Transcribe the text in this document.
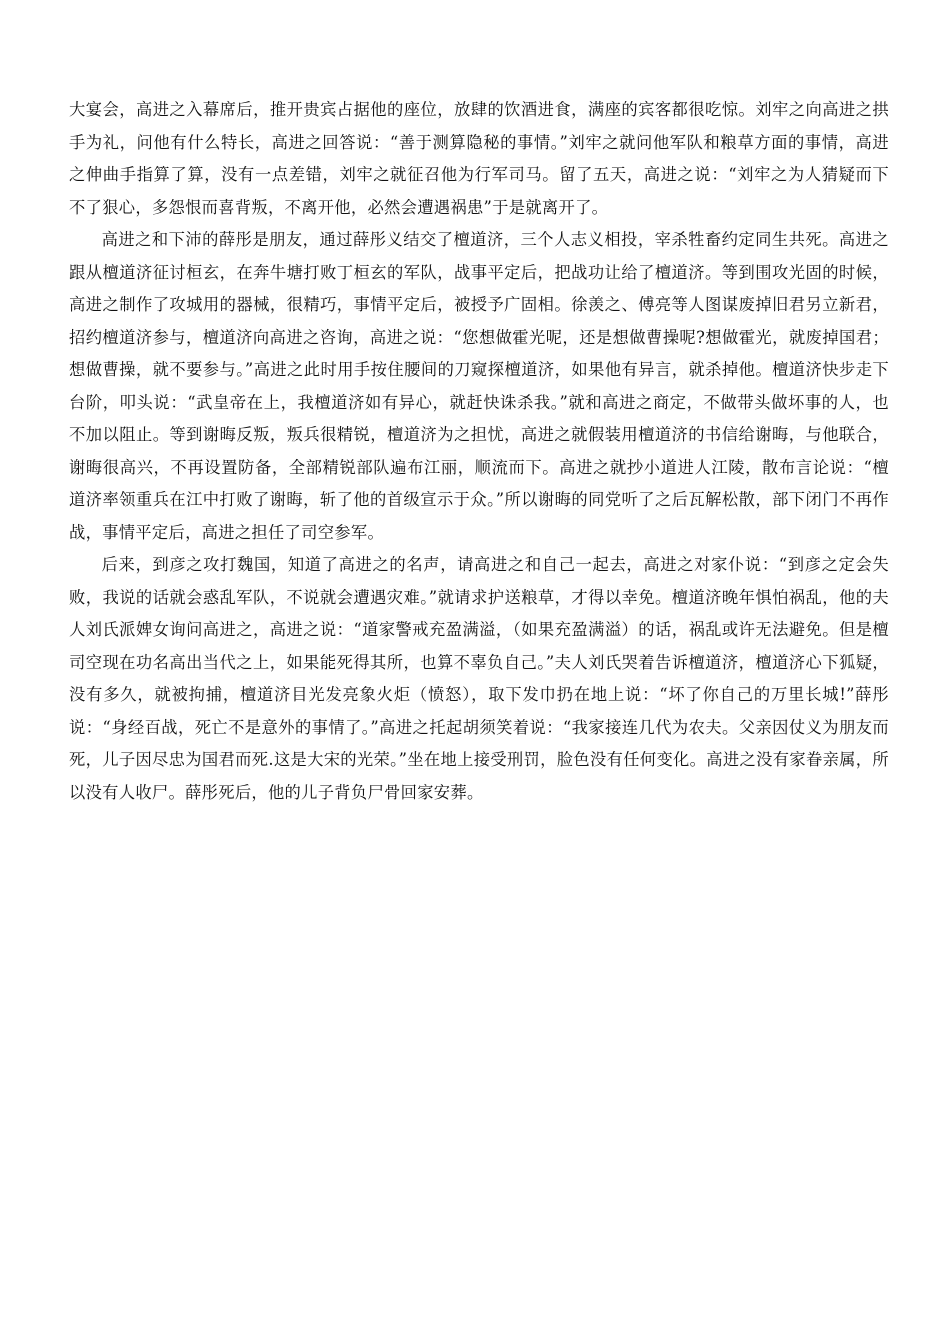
大宴会，高进之入幕席后，推开贵宾占据他的座位，放肆的饮酒进食，满座的宾客都很吃惊。刘牢之向高进之拱手为礼，问他有什么特长，高进之回答说：“善于测算隐秘的事情。”刘牢之就问他军队和粮草方面的事情，高进之伸曲手指算了算，没有一点差错，刘牢之就征召他为行军司马。留了五天，高进之说：“刘牢之为人猜疑而下不了狠心，多怨恨而喜背叛，不离开他，必然会遭遇祸患”于是就离开了。

高进之和下沛的薛彤是朋友，通过薛彤义结交了檀道济，三个人志义相投，宰杀牲畜约定同生共死。高进之跟从檀道济征讨桓玄，在奔牛塘打败丁桓玄的军队，战事平定后，把战功让给了檀道济。等到围攻光固的时候，高进之制作了攻城用的器械，很精巧，事情平定后，被授予广固相。徐羡之、傅亮等人图谋废掉旧君另立新君，招约檀道济参与，檀道济向高进之咨询，高进之说：“您想做霍光呢，还是想做曹操呢?想做霍光，就废掉国君；想做曹操，就不要参与。”高进之此时用手按住腰间的刀窥探檀道济，如果他有异言，就杀掉他。檀道济快步走下台阶，叩头说：“武皇帝在上，我檀道济如有异心，就赶快诛杀我。”就和高进之商定，不做带头做坏事的人，也不加以阻止。等到谢晦反叛，叛兵很精锐，檀道济为之担忧，高进之就假装用檀道济的书信给谢晦，与他联合，谢晦很高兴，不再设置防备，全部精锐部队遍布江丽，顺流而下。高进之就抄小道进人江陵，散布言论说：“檀道济率领重兵在江中打败了谢晦，斩了他的首级宣示于众。”所以谢晦的同党听了之后瓦解松散，部下闭门不再作战，事情平定后，高进之担任了司空参军。

后来，到彦之攻打魏国，知道了高进之的名声，请高进之和自己一起去，高进之对家仆说：“到彦之定会失败，我说的话就会惑乱军队，不说就会遭遇灾难。”就请求护送粮草，才得以幸免。檀道济晚年惧怕祸乱，他的夫人刘氏派婢女询问高进之，高进之说：“道家警戒充盈满溢，（如果充盈满溢）的话，祸乱或许无法避免。但是檀司空现在功名高出当代之上，如果能死得其所，也算不辜负自己。”夫人刘氏哭着告诉檀道济，檀道济心下狐疑，没有多久，就被拘捕，檀道济目光发亮象火炬（愤怒），取下发巾扔在地上说：“坏了你自己的万里长城!”薛彤说：“身经百战，死亡不是意外的事情了。”高进之托起胡须笑着说：“我家接连几代为农夫。父亲因仗义为朋友而死，儿子因尽忠为国君而死.这是大宋的光荣。”坐在地上接受刑罚，脸色没有任何变化。高进之没有家眷亲属，所以没有人收尸。薛彤死后，他的儿子背负尸骨回家安葬。
